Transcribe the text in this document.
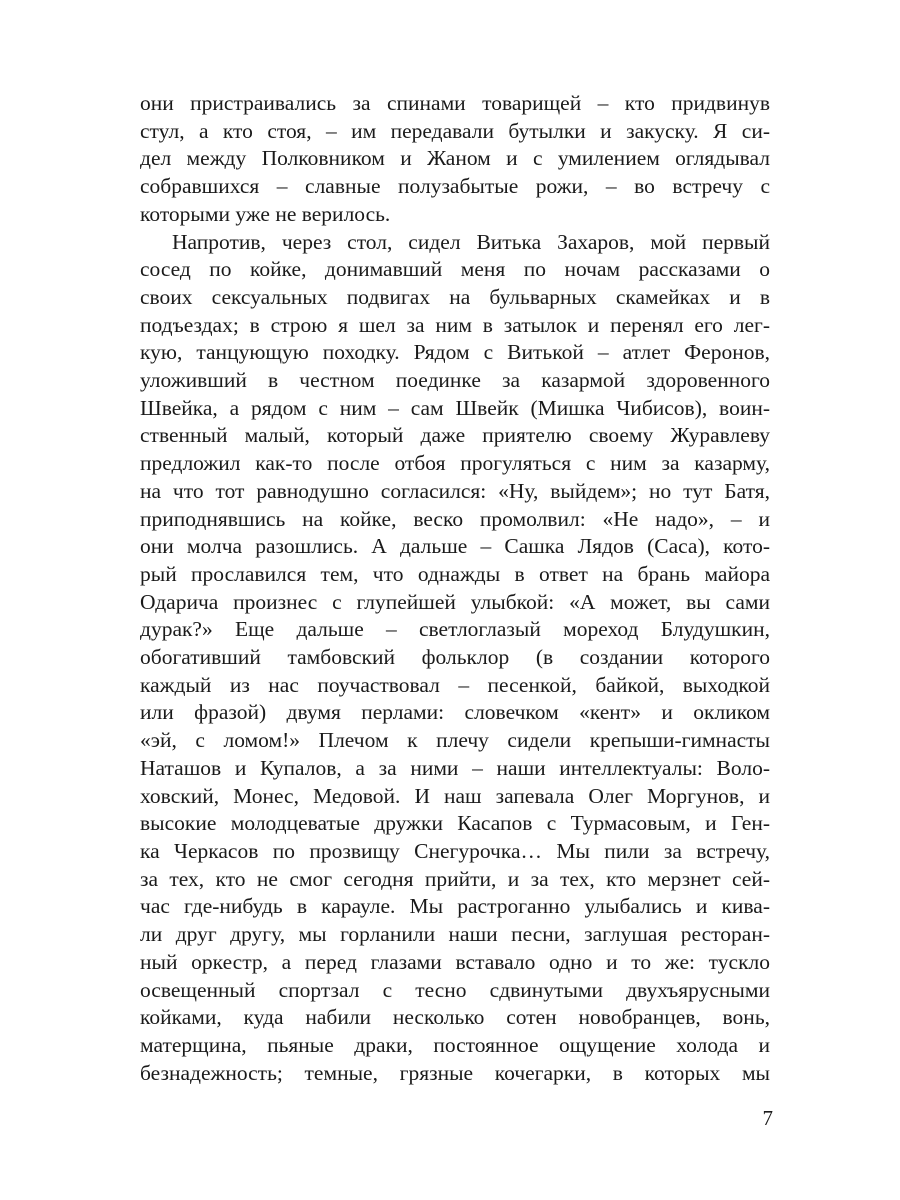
они пристраивались за спинами товарищей – кто придвинув
стул, а кто стоя, – им передавали бутылки и закуску. Я си-
дел между Полковником и Жаном и с умилением оглядывал
собравшихся – славные полузабытые рожи, – во встречу с
которыми уже не верилось.
Напротив, через стол, сидел Витька Захаров, мой первый
сосед по койке, донимавший меня по ночам рассказами о
своих сексуальных подвигах на бульварных скамейках и в
подъездах; в строю я шел за ним в затылок и перенял его лег-
кую, танцующую походку. Рядом с Витькой – атлет Феронов,
уложивший в честном поединке за казармой здоровенного
Швейка, а рядом с ним – сам Швейк (Мишка Чибисов), воин-
ственный малый, который даже приятелю своему Журавлеву
предложил как-то после отбоя прогуляться с ним за казарму,
на что тот равнодушно согласился: «Ну, выйдем»; но тут Батя,
приподнявшись на койке, веско промолвил: «Не надо», – и
они молча разошлись. А дальше – Сашка Лядов (Саса), кото-
рый прославился тем, что однажды в ответ на брань майора
Одарича произнес с глупейшей улыбкой: «А может, вы сами
дурак?» Еще дальше – светлоглазый мореход Блудушкин,
обогативший тамбовский фольклор (в создании которого
каждый из нас поучаствовал – песенкой, байкой, выходкой
или фразой) двумя перлами: словечком «кент» и окликом
«эй, с ломом!» Плечом к плечу сидели крепыши-гимнасты
Наташов и Купалов, а за ними – наши интеллектуалы: Воло-
ховский, Монес, Медовой. И наш запевала Олег Моргунов, и
высокие молодцеватые дружки Касапов с Турмасовым, и Ген-
ка Черкасов по прозвищу Снегурочка… Мы пили за встречу,
за тех, кто не смог сегодня прийти, и за тех, кто мерзнет сей-
час где-нибудь в карауле. Мы растроганно улыбались и кива-
ли друг другу, мы горланили наши песни, заглушая ресторан-
ный оркестр, а перед глазами вставало одно и то же: тускло
освещенный спортзал с тесно сдвинутыми двухъярусными
койками, куда набили несколько сотен новобранцев, вонь,
матерщина, пьяные драки, постоянное ощущение холода и
безнадежность; темные, грязные кочегарки, в которых мы
7
